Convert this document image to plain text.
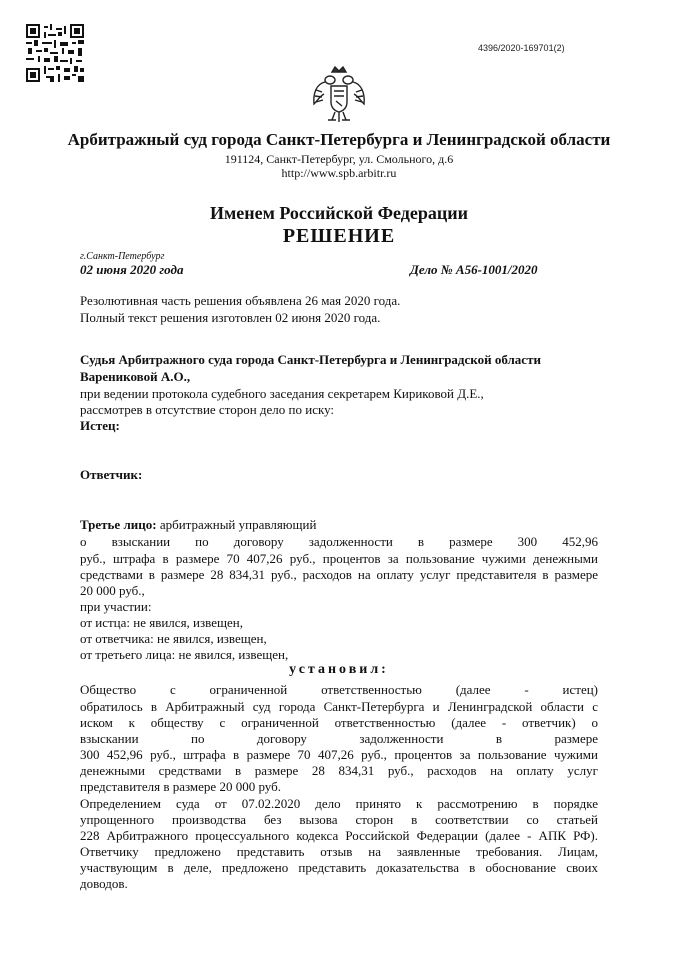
4396/2020-169701(2)
Арбитражный суд города Санкт-Петербурга и Ленинградской области
191124, Санкт-Петербург, ул. Смольного, д.6
http://www.spb.arbitr.ru
Именем Российской Федерации
РЕШЕНИЕ
г.Санкт-Петербург
02 июня 2020 года	Дело № А56-1001/2020
Резолютивная часть решения объявлена 26 мая 2020 года.
Полный текст решения изготовлен 02 июня 2020 года.
Судья Арбитражного суда города Санкт-Петербурга и Ленинградской области
Варениковой А.О.,
при ведении протокола судебного заседания секретарем Кириковой Д.Е.,
рассмотрев в отсутствие сторон дело по иску:
Истец:
Ответчик:
Третье лицо: арбитражный управляющий
о взыскании по договору задолженности в размере 300 452,96
руб., штрафа в размере 70 407,26 руб., процентов за пользование чужими денежными
средствами в размере 28 834,31 руб., расходов на оплату услуг представителя в размере
20 000 руб.,
при участии:
от истца: не явился, извещен,
от ответчика: не явился, извещен,
от третьего лица: не явился, извещен,
установил:
Общество с ограниченной ответственностью (далее - истец)
обратилось в Арбитражный суд города Санкт-Петербурга и Ленинградской области с
иском к обществу с ограниченной ответственностью (далее - ответчик) о
взыскании по договору задолженности в размере
300 452,96 руб., штрафа в размере 70 407,26 руб., процентов за пользование чужими
денежными средствами в размере 28 834,31 руб., расходов на оплату услуг
представителя в размере 20 000 руб.
Определением суда от 07.02.2020 дело принято к рассмотрению в порядке
упрощенного производства без вызова сторон в соответствии со статьей
228 Арбитражного процессуального кодекса Российской Федерации (далее - АПК РФ).
Ответчику предложено представить отзыв на заявленные требования. Лицам,
участвующим в деле, предложено представить доказательства в обоснование своих
доводов.
